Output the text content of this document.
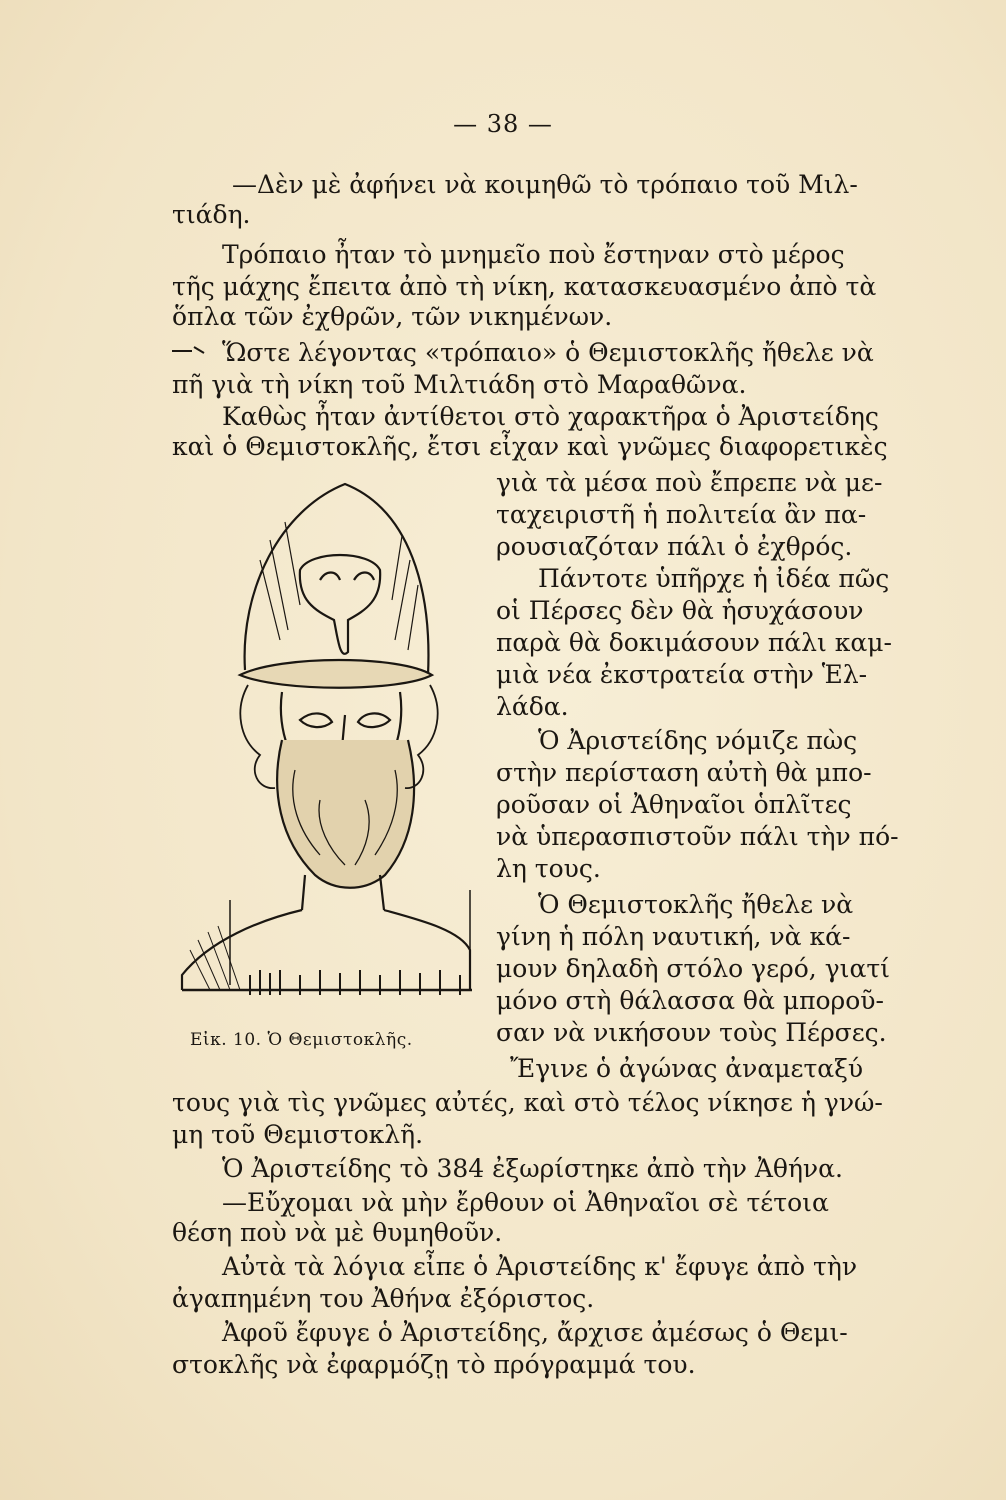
— 38 —
—Δὲν μὲ ἀφήνει νὰ κοιμηθῶ τὸ τρόπαιο τοῦ Μιλ-
τιάδη.
Τρόπαιο ἦταν τὸ μνημεῖο ποὺ ἔστηναν στὸ μέρος
τῆς μάχης ἔπειτα ἀπὸ τὴ νίκη, κατασκευασμένο ἀπὸ τὰ
ὅπλα τῶν ἐχθρῶν, τῶν νικημένων.
Ὥστε λέγοντας «τρόπαιο» ὁ Θεμιστοκλῆς ἤθελε νὰ
πῆ γιὰ τὴ νίκη τοῦ Μιλτιάδη στὸ Μαραθῶνα.
Καθὼς ἦταν ἀντίθετοι στὸ χαρακτῆρα ὁ Ἀριστείδης
καὶ ὁ Θεμιστοκλῆς, ἔτσι εἶχαν καὶ γνῶμες διαφορετικὲς
γιὰ τὰ μέσα ποὺ ἔπρεπε νὰ με-
ταχειριστῆ ἡ πολιτεία ἂν πα-
ρουσιαζόταν πάλι ὁ ἐχθρός.
Πάντοτε ὑπῆρχε ἡ ἰδέα πῶς
οἱ Πέρσες δὲν θὰ ἡσυχάσουν
παρὰ θὰ δοκιμάσουν πάλι καμ-
μιὰ νέα ἐκστρατεία στὴν Ἑλ-
λάδα.
Ὁ Ἀριστείδης νόμιζε πὼς
στὴν περίσταση αὐτὴ θὰ μπο-
ροῦσαν οἱ Ἀθηναῖοι ὁπλῖτες
νὰ ὑπερασπιστοῦν πάλι τὴν πό-
λη τους.
Ὁ Θεμιστοκλῆς ἤθελε νὰ
γίνη ἡ πόλη ναυτική, νὰ κά-
μουν δηλαδὴ στόλο γερό, γιατί
μόνο στὴ θάλασσα θὰ μποροῦ-
σαν νὰ νικήσουν τοὺς Πέρσες.
Ἔγινε ὁ ἀγώνας ἀναμεταξύ
τους γιὰ τὶς γνῶμες αὐτές, καὶ στὸ τέλος νίκησε ἡ γνώ-
μη τοῦ Θεμιστοκλῆ.
Ὁ Ἀριστείδης τὸ 384 ἐξωρίστηκε ἀπὸ τὴν Ἀθήνα.
—Εὔχομαι νὰ μὴν ἔρθουν οἱ Ἀθηναῖοι σὲ τέτοια
θέση ποὺ νὰ μὲ θυμηθοῦν.
Αὐτὰ τὰ λόγια εἶπε ὁ Ἀριστείδης κ' ἔφυγε ἀπὸ τὴν
ἀγαπημένη του Ἀθήνα ἐξόριστος.
Ἀφοῦ ἔφυγε ὁ Ἀριστείδης, ἄρχισε ἀμέσως ὁ Θεμι-
στοκλῆς νὰ ἐφαρμόζῃ τὸ πρόγραμμά του.
Εἰκ. 10. Ὁ Θεμιστοκλῆς.
